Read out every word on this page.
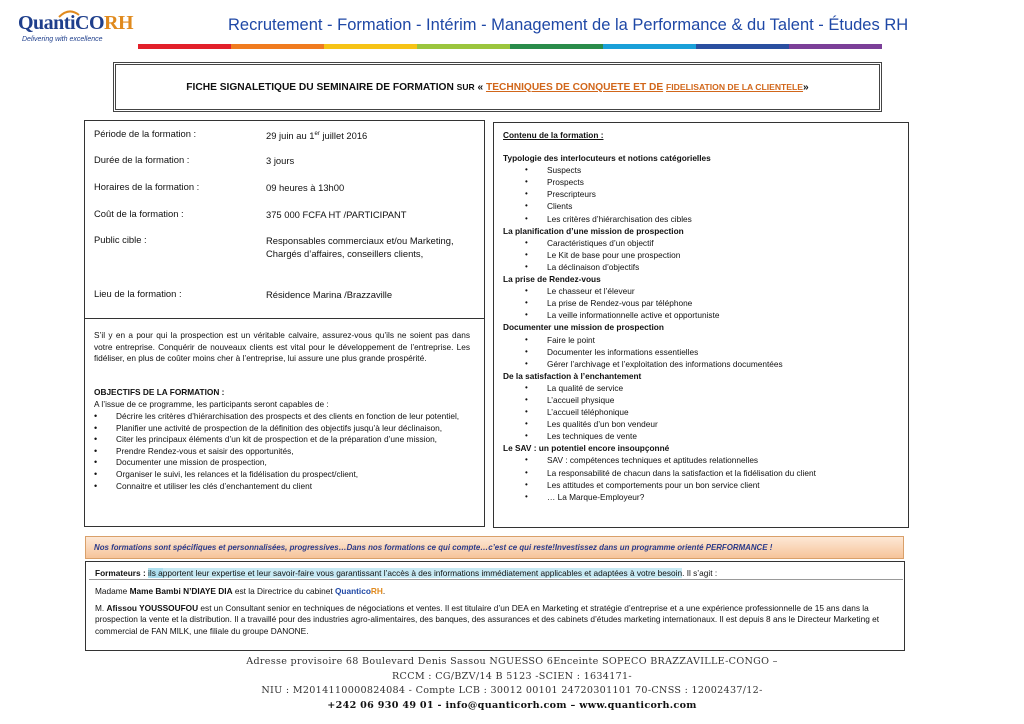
QuantiCORH
Delivering with excellence
Recrutement - Formation - Intérim - Management de la Performance & du Talent - Études RH
FICHE SIGNALETIQUE DU SEMINAIRE DE FORMATION SUR « TECHNIQUES DE CONQUETE ET DE FIDELISATION DE LA CLIENTELE»
Période de la formation :	29 juin au 1er juillet 2016
Durée de la formation :	3 jours
Horaires de la formation :	09 heures à 13h00
Coût de la formation :	375 000 FCFA HT /PARTICIPANT
Public cible :	Responsables commerciaux et/ou Marketing, Chargés d’affaires, conseillers clients,
Lieu de la formation :	Résidence Marina /Brazzaville
S’il y en a pour qui la prospection est un véritable calvaire, assurez-vous qu’ils ne soient pas dans votre entreprise. Conquérir de nouveaux clients est vital pour le développement de l’entreprise. Les fidéliser, en plus de coûter moins cher à l’entreprise, lui assure une plus grande prospérité.
OBJECTIFS DE LA FORMATION :
A l’issue de ce programme, les participants seront capables de :
• Décrire les critères d’hiérarchisation des prospects et des clients en fonction de leur potentiel,
• Planifier une activité de prospection de la définition des objectifs jusqu’à leur déclinaison,
• Citer les principaux éléments d’un kit de prospection et de la préparation d’une mission,
• Prendre Rendez-vous et saisir des opportunités,
• Documenter une mission de prospection,
• Organiser le suivi, les relances et la fidélisation du prospect/client,
• Connaitre et utiliser les clés d’enchantement du client
Contenu de la formation :
Typologie des interlocuteurs et notions catégorielles
• Suspects
• Prospects
• Prescripteurs
• Clients
• Les critères d’hiérarchisation des cibles
La planification d’une mission de prospection
• Caractéristiques d’un objectif
• Le Kit de base pour une prospection
• La déclinaison d’objectifs
La prise de Rendez-vous
• Le chasseur et l’éleveur
• La prise de Rendez-vous par téléphone
• La veille informationnelle active et opportuniste
Documenter une mission de prospection
• Faire le point
• Documenter les informations essentielles
• Gérer l’archivage et l’exploitation des informations documentées
De la satisfaction à l’enchantement
• La qualité de service
• L’accueil physique
• L’accueil téléphonique
• Les qualités d’un bon vendeur
• Les techniques de vente
Le SAV : un potentiel encore insoupçonné
• SAV : compétences techniques et aptitudes relationnelles
• La responsabilité de chacun dans la satisfaction et la fidélisation du client
• Les attitudes et comportements pour un bon service client
• … La Marque-Employeur?
Nos formations sont spécifiques et personnalisées, progressives…Dans nos formations ce qui compte…c’est ce qui reste!Investissez dans un programme orienté PERFORMANCE !
Formateurs : ils apportent leur expertise et leur savoir-faire vous garantissant l’accès à des informations immédiatement applicables et adaptées à votre besoin. Il s’agit :
Madame Mame Bambi N’DIAYE DIA est la Directrice du cabinet QuanticoRH.
M. Afissou YOUSSOUFOU est un Consultant senior en techniques de négociations et ventes. Il est titulaire d’un DEA en Marketing et stratégie d’entreprise et a une expérience professionnelle de 15 ans dans la prospection la vente et la distribution. Il a travaillé pour des industries agro-alimentaires, des banques, des assurances et des cabinets d’études marketing internationaux. Il est depuis 8 ans le Directeur Marketing et commercial de FAN MILK, une filiale du groupe DANONE.
Adresse provisoire 68 Boulevard Denis Sassou NGUESSO 6Enceinte SOPECO BRAZZAVILLE-CONGO –
RCCM : CG/BZV/14 B 5123 -SCIEN : 1634171-
NIU : M2014110000824084 - Compte LCB : 30012 00101 24720301101 70-CNSS : 12002437/12-
+242 06 930 49 01 - info@quanticorh.com – www.quanticorh.com
